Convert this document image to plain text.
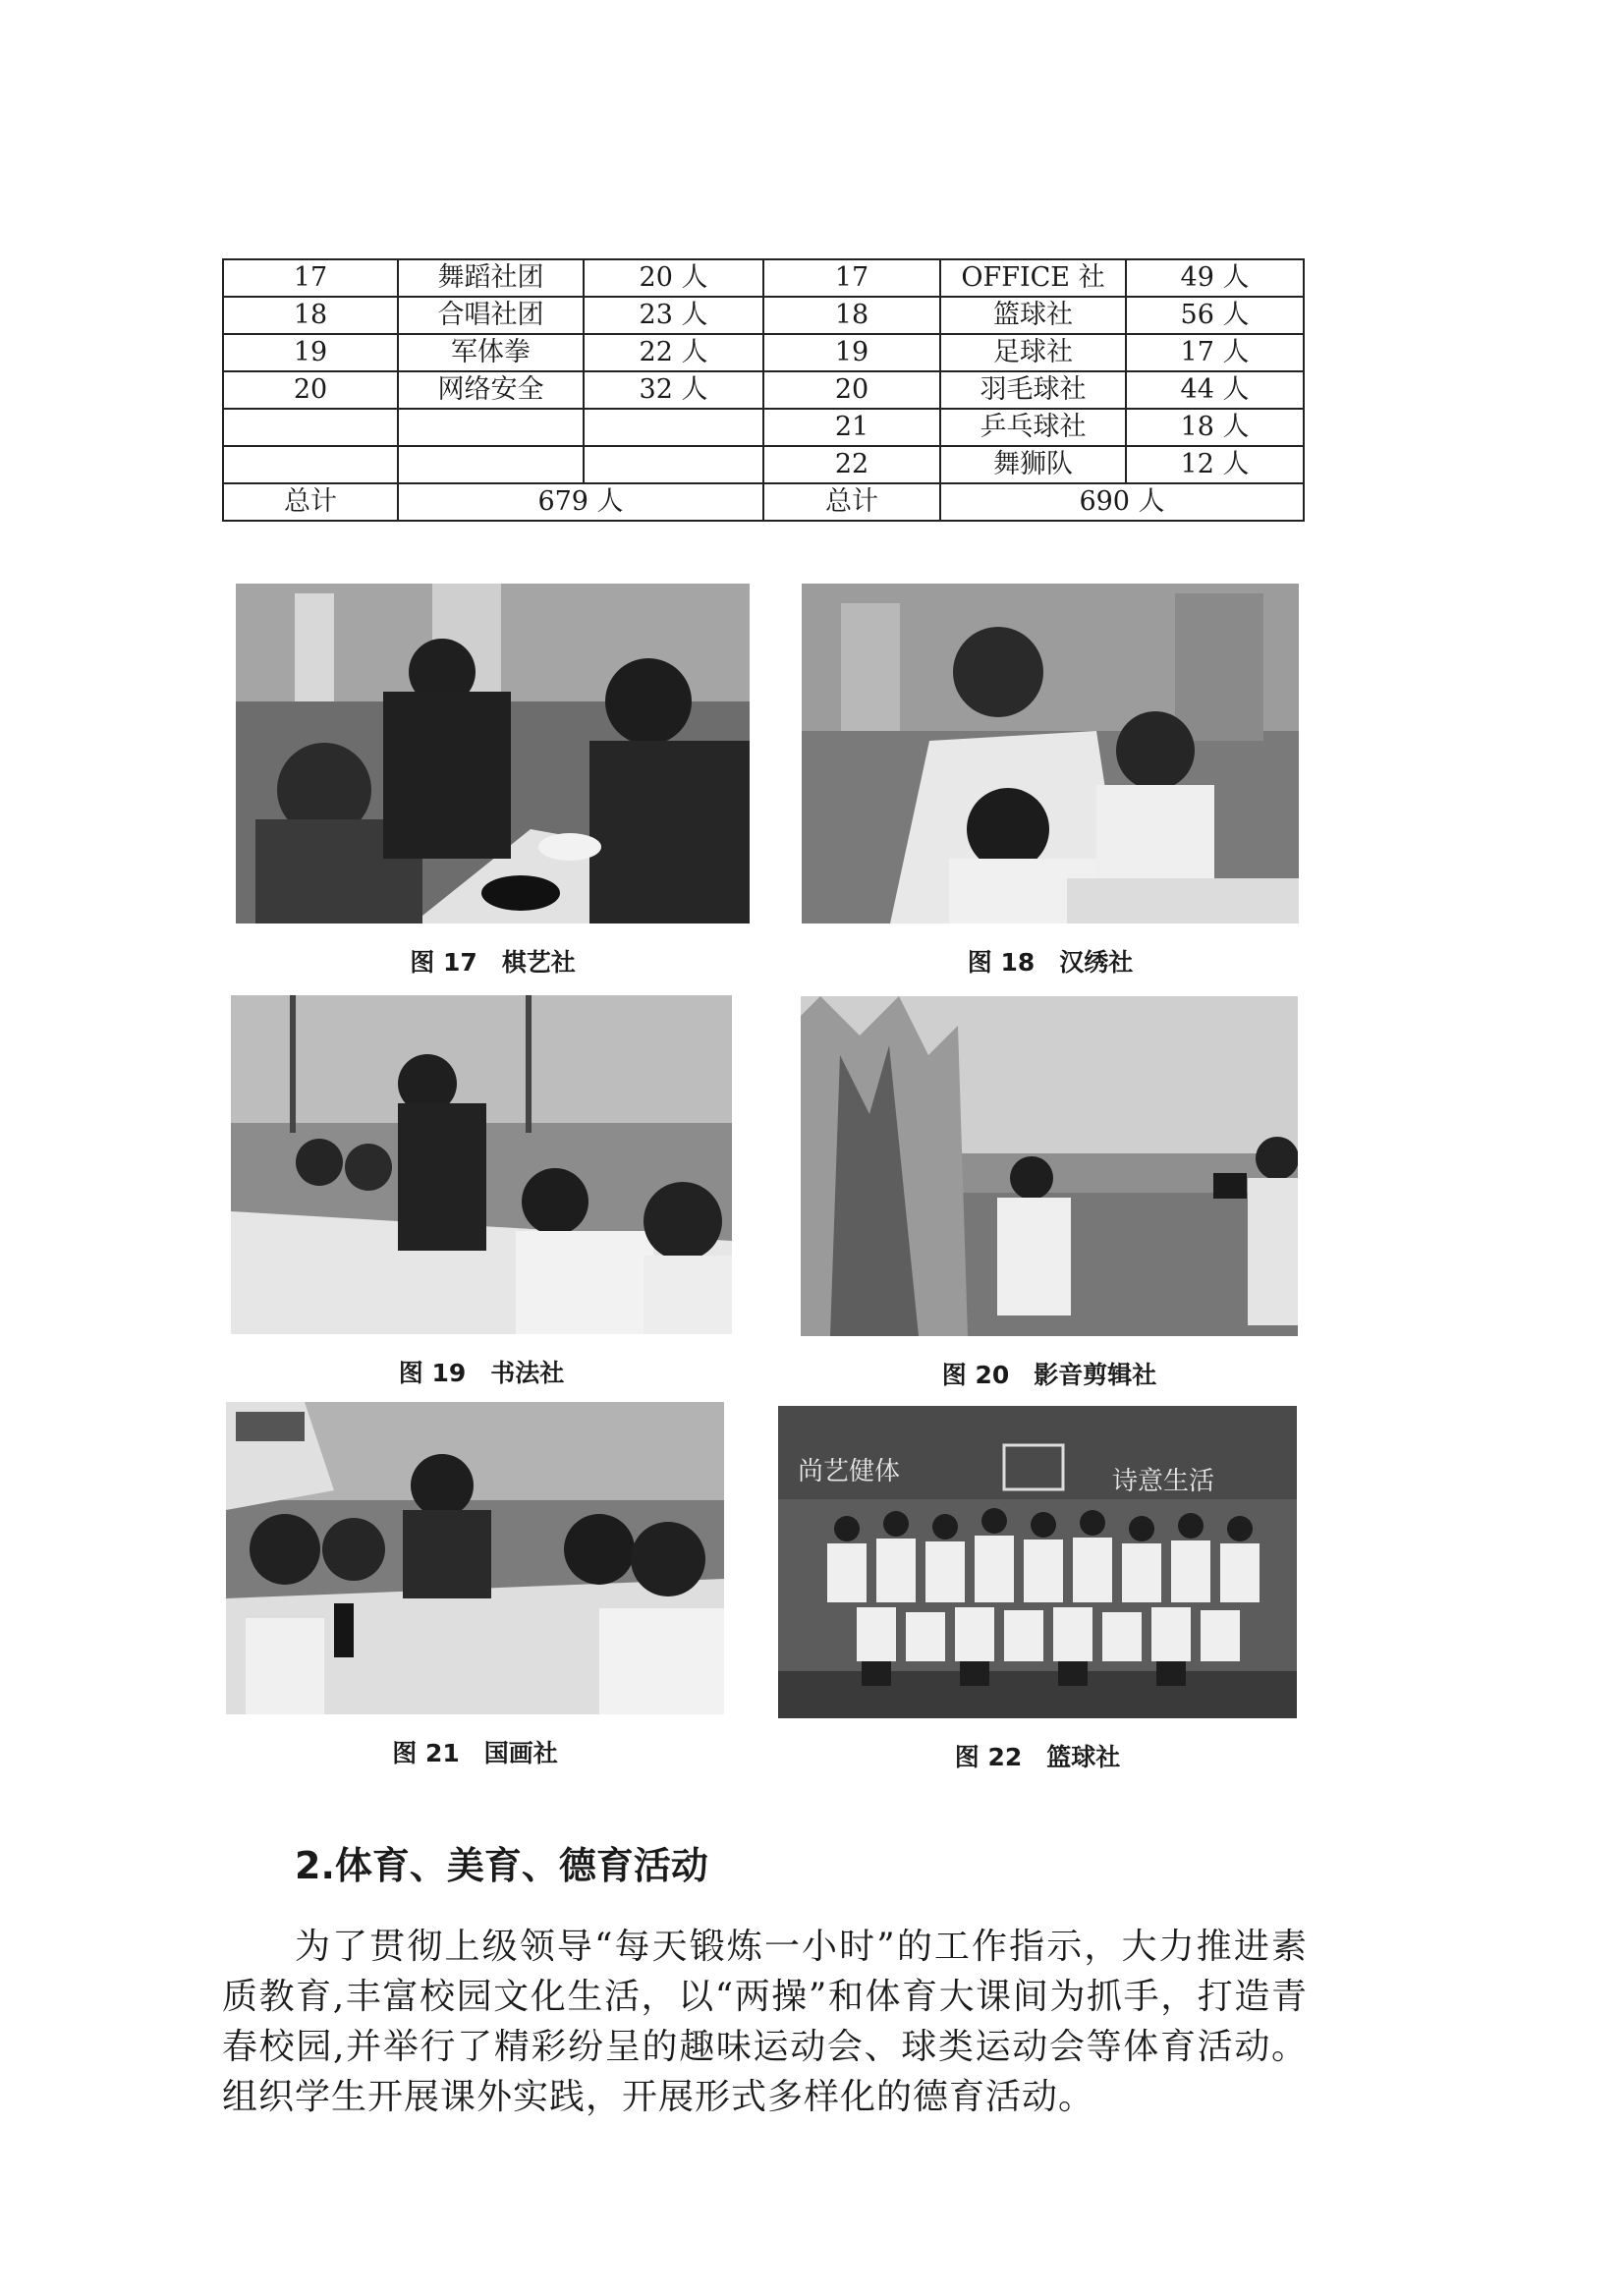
17	舞蹈社团	20 人	17	OFFICE 社	49 人
18	合唱社团	23 人	18	篮球社	56 人
19	军体拳	22 人	19	足球社	17 人
20	网络安全	32 人	20	羽毛球社	44 人
			21	乒乓球社	18 人
			22	舞狮队	12 人
总计	679 人		总计	690 人	
图 17　棋艺社	图 18　汉绣社
图 19　书法社	图 20　影音剪辑社
图 21　国画社
尚艺健体	诗意生活
图 22　篮球社
2.体育、美育、德育活动

为了贯彻上级领导“每天锻炼一小时”的工作指示，大力推进素质教育,丰富校园文化生活，以“两操”和体育大课间为抓手，打造青春校园,并举行了精彩纷呈的趣味运动会、球类运动会等体育活动。组织学生开展课外实践，开展形式多样化的德育活动。
